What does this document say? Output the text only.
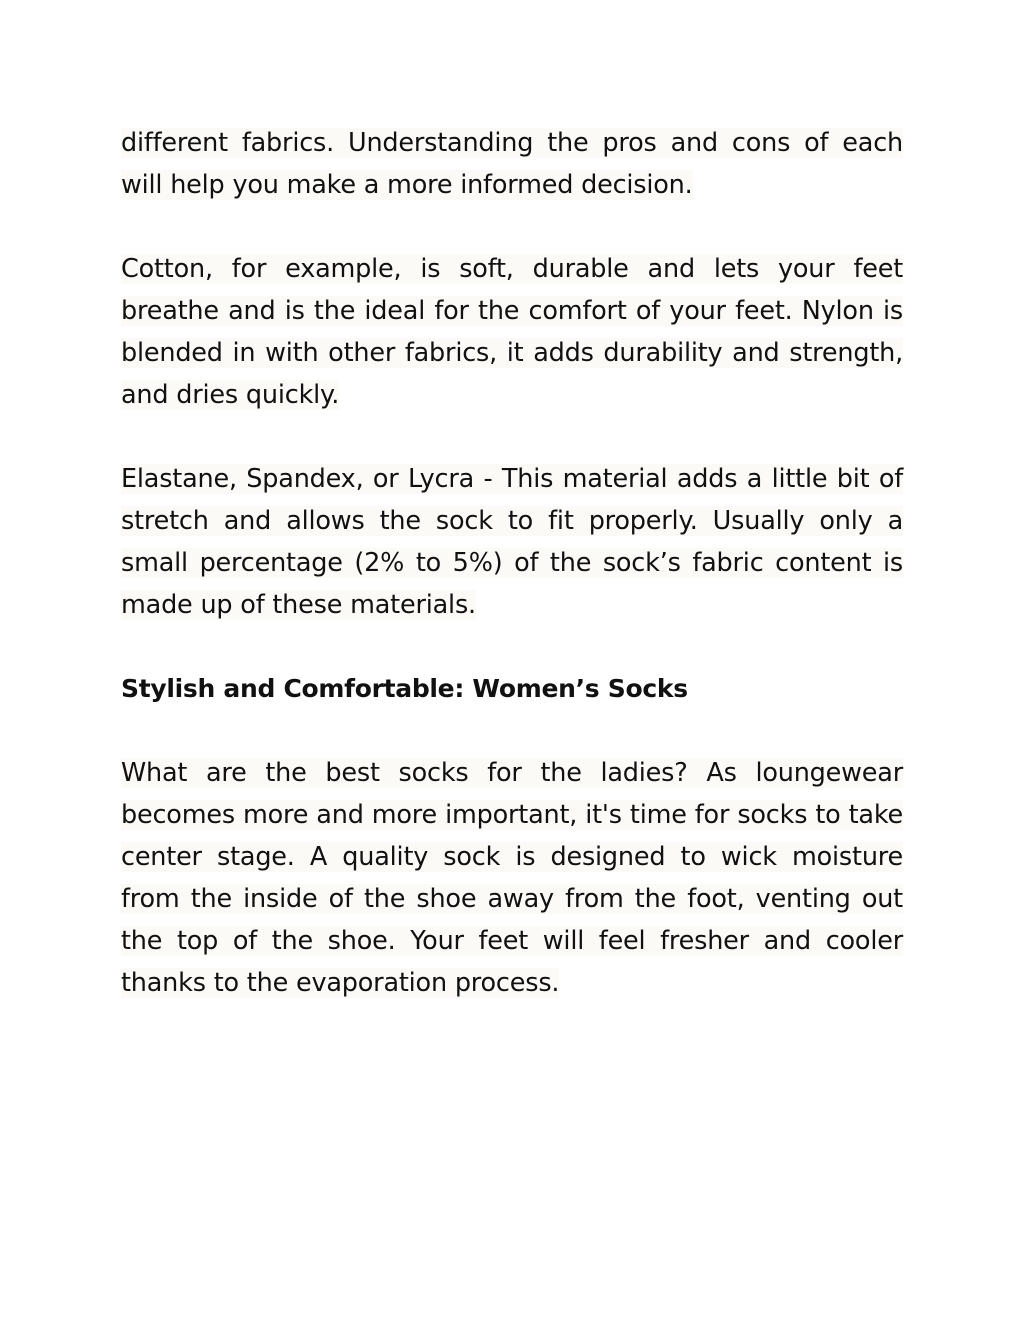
different fabrics. Understanding the pros and cons of each will help you make a more informed decision.

Cotton, for example, is soft, durable and lets your feet breathe and is the ideal for the comfort of your feet. Nylon is blended in with other fabrics, it adds durability and strength, and dries quickly.

Elastane, Spandex, or Lycra - This material adds a little bit of stretch and allows the sock to fit properly. Usually only a small percentage (2% to 5%) of the sock’s fabric content is made up of these materials.

Stylish and Comfortable: Women’s Socks

What are the best socks for the ladies? As loungewear becomes more and more important, it's time for socks to take center stage. A quality sock is designed to wick moisture from the inside of the shoe away from the foot, venting out the top of the shoe. Your feet will feel fresher and cooler thanks to the evaporation process.
